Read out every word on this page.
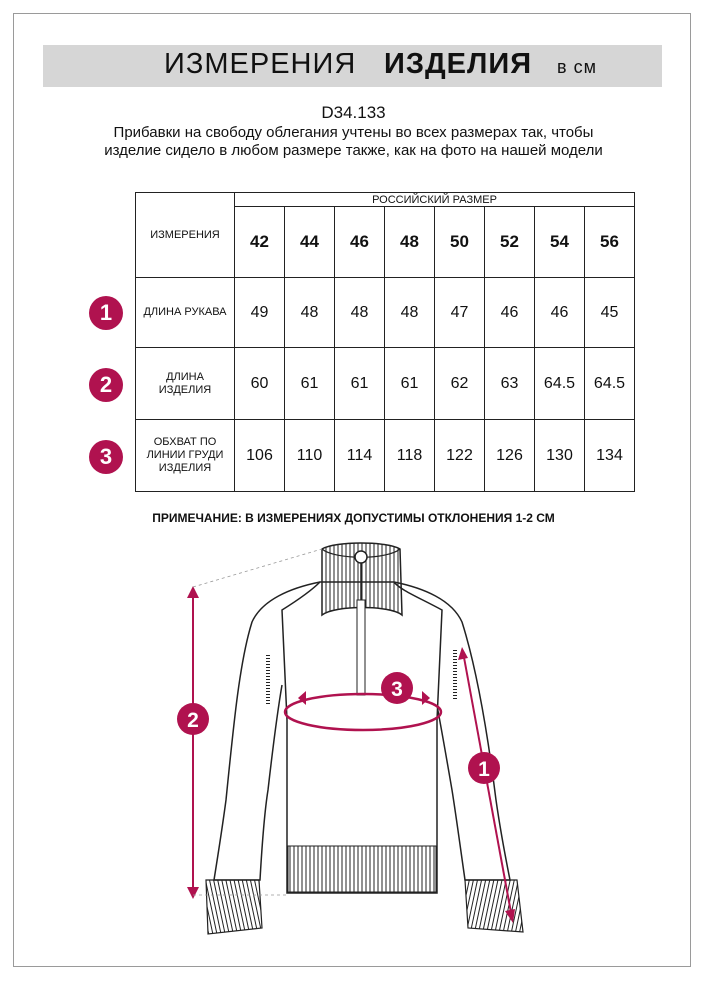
ИЗМЕРЕНИЯ ИЗДЕЛИЯ в см
D34.133
Прибавки на свободу облегания учтены во всех размерах так, чтобы изделие сидело в любом размере также, как на фото на нашей модели
ИЗМЕРЕНИЯ	РОССИЙСКИЙ РАЗМЕР							
	42	44	46	48	50	52	54	56
ДЛИНА РУКАВА	49	48	48	48	47	46	46	45
ДЛИНА ИЗДЕЛИЯ	60	61	61	61	62	63	64.5	64.5
ОБХВАТ ПО ЛИНИИ ГРУДИ ИЗДЕЛИЯ	106	110	114	118	122	126	130	134
1
2
3
ПРИМЕЧАНИЕ: В ИЗМЕРЕНИЯХ ДОПУСТИМЫ ОТКЛОНЕНИЯ 1-2 СМ
2
3
1
